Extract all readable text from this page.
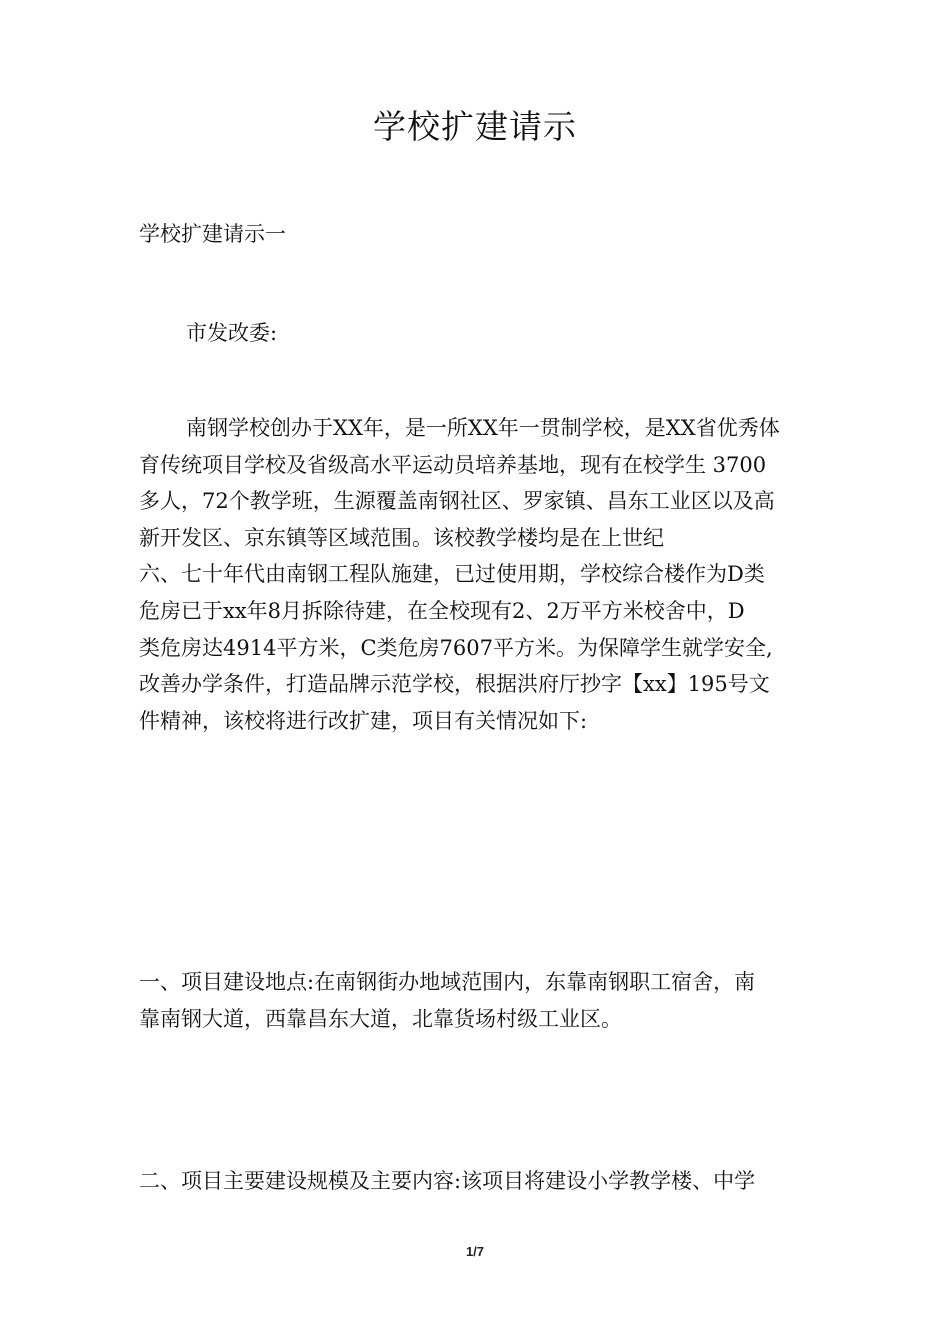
学校扩建请示
学校扩建请示一
市发改委:
南钢学校创办于XX年，是一所XX年一贯制学校，是XX省优秀体
育传统项目学校及省级高水平运动员培养基地，现有在校学生 3700
多人，72个教学班，生源覆盖南钢社区、罗家镇、昌东工业区以及高
新开发区、京东镇等区域范围。该校教学楼均是在上世纪
六、七十年代由南钢工程队施建，已过使用期，学校综合楼作为D类
危房已于xx年8月拆除待建，在全校现有2、2万平方米校舍中，D
类危房达4914平方米，C类危房7607平方米。为保障学生就学安全,
改善办学条件，打造品牌示范学校，根据洪府厅抄字【xx】195号文
件精神，该校将进行改扩建，项目有关情况如下:
一、项目建设地点:在南钢街办地域范围内，东靠南钢职工宿舍，南
靠南钢大道，西靠昌东大道，北靠货场村级工业区。
二、项目主要建设规模及主要内容:该项目将建设小学教学楼、中学
1/7
